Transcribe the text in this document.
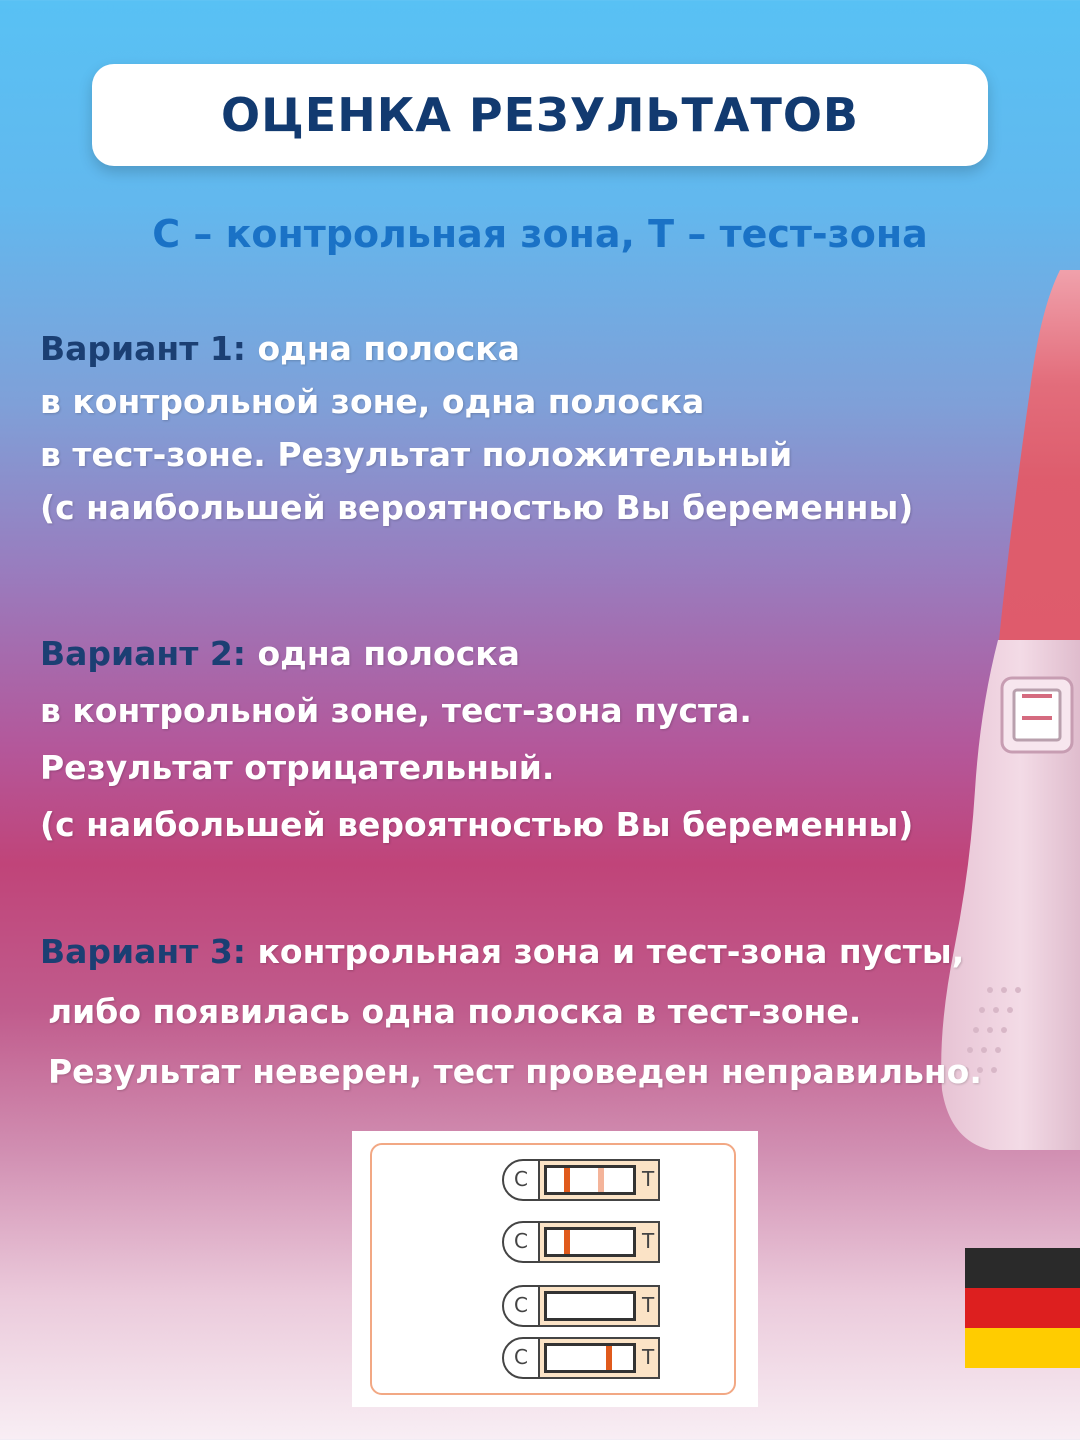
ОЦЕНКА РЕЗУЛЬТАТОВ
С – контрольная зона, Т – тест-зона
Вариант 1: одна полоска
в контрольной зоне, одна полоска
в тест-зоне. Результат положительный
(с наибольшей вероятностью Вы беременны)
Вариант 2: одна полоска
в контрольной зоне, тест-зона пуста.
Результат отрицательный.
(с наибольшей вероятностью Вы беременны)
Вариант 3: контрольная зона и тест-зона пусты,
либо появилась одна полоска в тест-зоне.
Результат неверен, тест проведен неправильно.
C	T
C	T
C	T
C	T
